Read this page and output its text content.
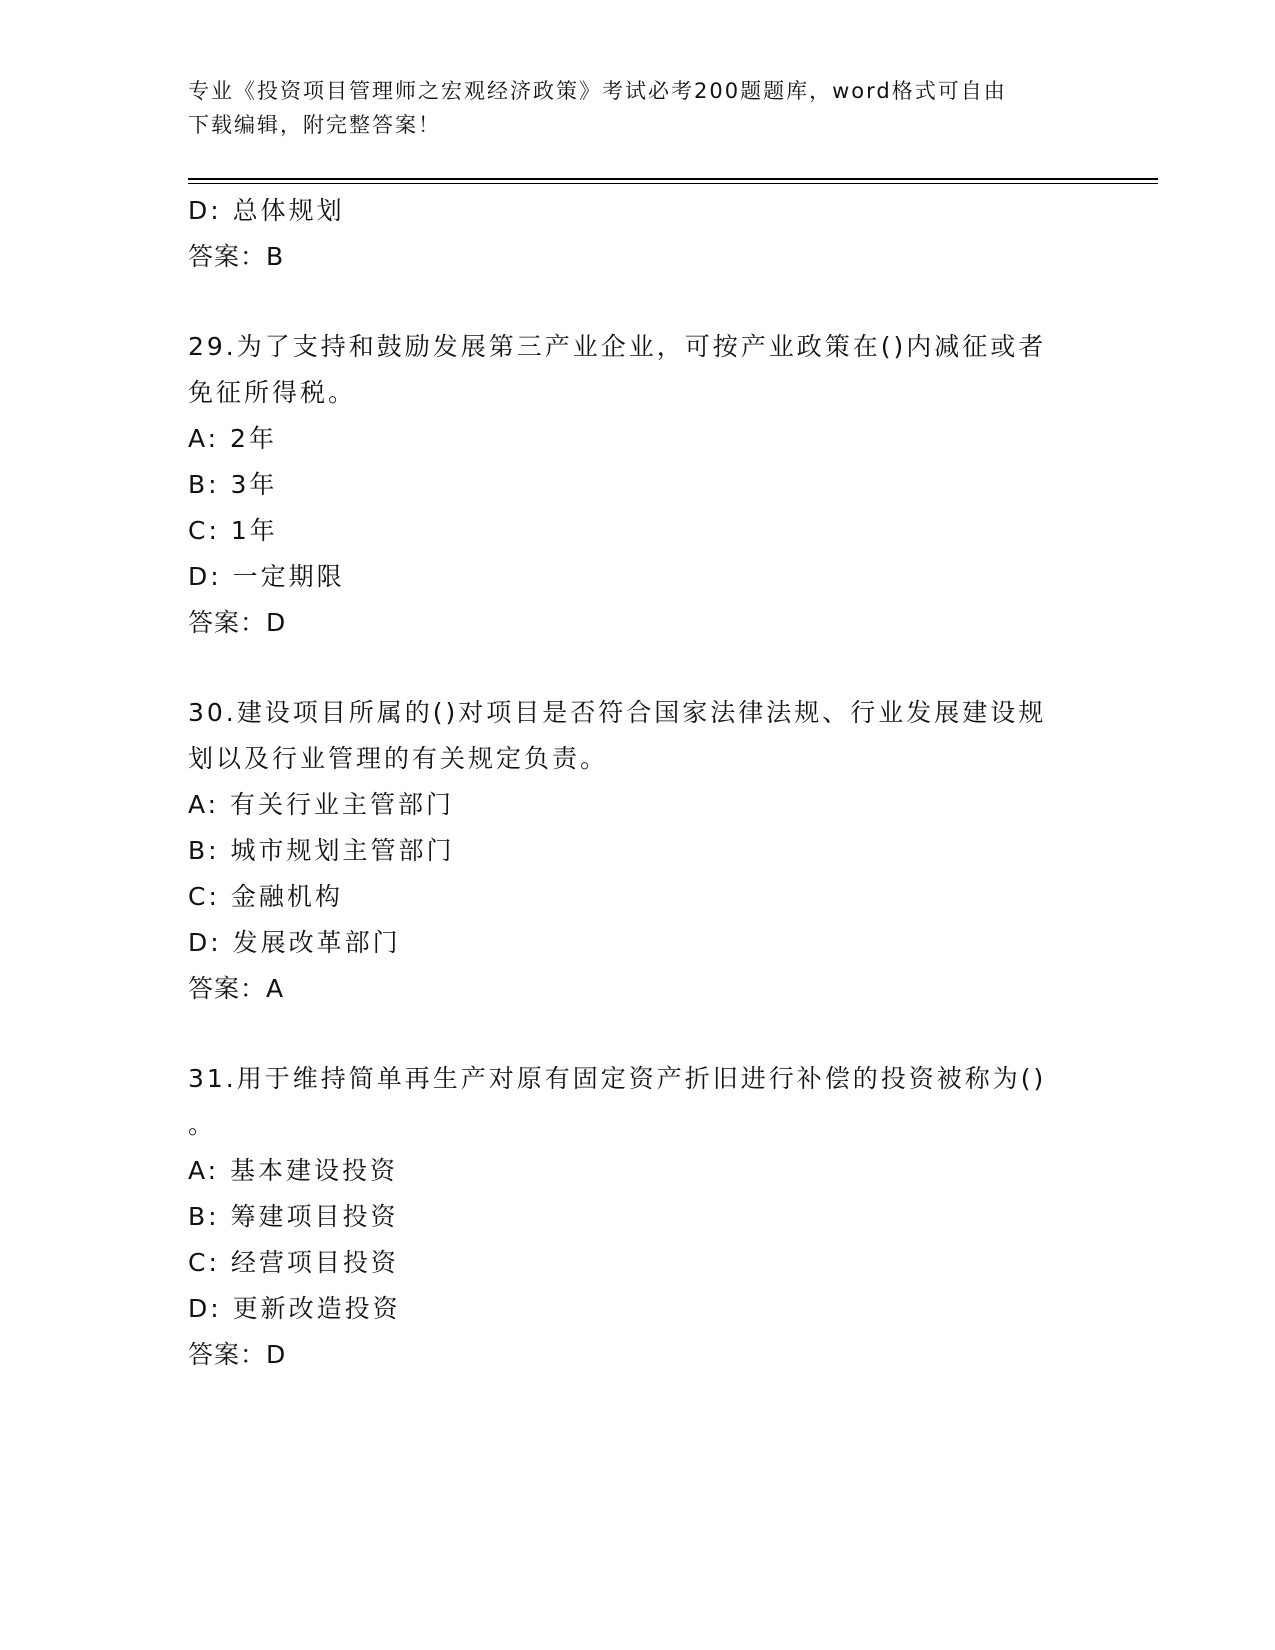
专业《投资项目管理师之宏观经济政策》考试必考200题题库，word格式可自由
下载编辑，附完整答案！
D: 总体规划
答案：B
29.为了支持和鼓励发展第三产业企业，可按产业政策在()内减征或者
免征所得税。
A: 2年
B: 3年
C: 1年
D: 一定期限
答案：D
30.建设项目所属的()对项目是否符合国家法律法规、行业发展建设规
划以及行业管理的有关规定负责。
A: 有关行业主管部门
B: 城市规划主管部门
C: 金融机构
D: 发展改革部门
答案：A
31.用于维持简单再生产对原有固定资产折旧进行补偿的投资被称为()
。
A: 基本建设投资
B: 筹建项目投资
C: 经营项目投资
D: 更新改造投资
答案：D
